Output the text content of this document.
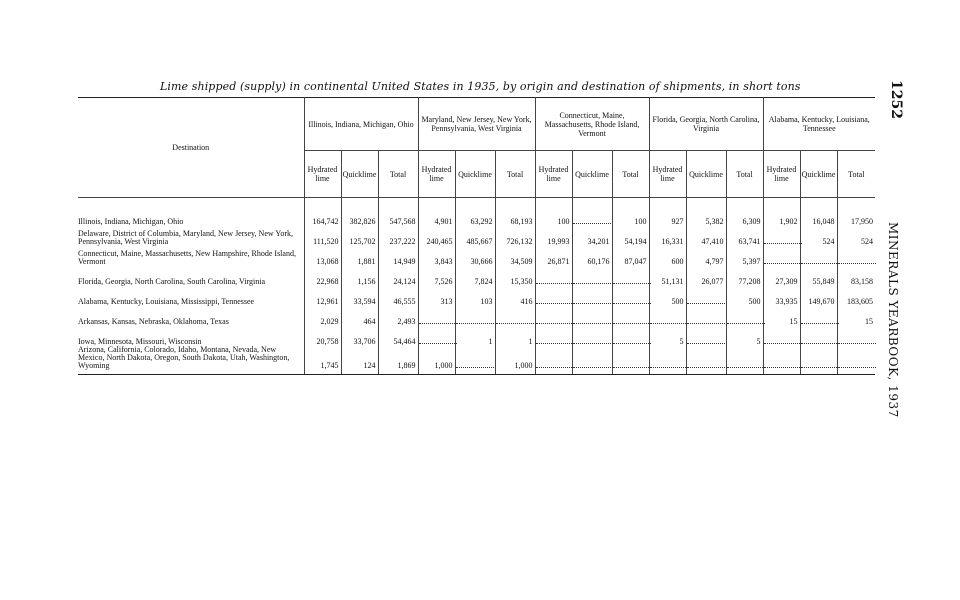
Lime shipped (supply) in continental United States in 1935, by origin and destination of shipments, in short tons	1252
MINERALS YEARBOOK, 1937
Destination	Illinois, Indiana, Michigan, Ohio			Maryland, New Jersey, New York, Pennsylvania, West Virginia			Connecticut, Maine, Massachusetts, Rhode Island, Vermont			Florida, Georgia, North Carolina, Virginia			Alabama, Kentucky, Louisiana, Tennessee		
	Hydrated lime	Quicklime	Total	Hydrated lime	Quicklime	Total	Hydrated lime	Quicklime	Total	Hydrated lime	Quicklime	Total	Hydrated lime	Quicklime	Total
Illinois, Indiana, Michigan, Ohio	164,742	382,826	547,568	4,901	63,292	68,193	100		100	927	5,382	6,309	1,902	16,048	17,950
Delaware, District of Columbia, Maryland, New Jersey, New York, Pennsylvania, West Virginia	111,520	125,702	237,222	240,465	485,667	726,132	19,993	34,201	54,194	16,331	47,410	63,741		524	524
Connecticut, Maine, Massachusetts, New Hampshire, Rhode Island, Vermont	13,068	1,881	14,949	3,843	30,666	34,509	26,871	60,176	87,047	600	4,797	5,397			
Florida, Georgia, North Carolina, South Carolina, Virginia	22,968	1,156	24,124	7,526	7,824	15,350				51,131	26,077	77,208	27,309	55,849	83,158
Alabama, Kentucky, Louisiana, Mississippi, Tennessee	12,961	33,594	46,555	313	103	416				500		500	33,935	149,670	183,605
Arkansas, Kansas, Nebraska, Oklahoma, Texas	2,029	464	2,493										15		15
Iowa, Minnesota, Missouri, Wisconsin	20,758	33,706	54,464		1	1				5		5			
Arizona, California, Colorado, Idaho, Montana, Nevada, New Mexico, North Dakota, Oregon, South Dakota, Utah, Washington, Wyoming	1,745	124	1,869	1,000		1,000									
